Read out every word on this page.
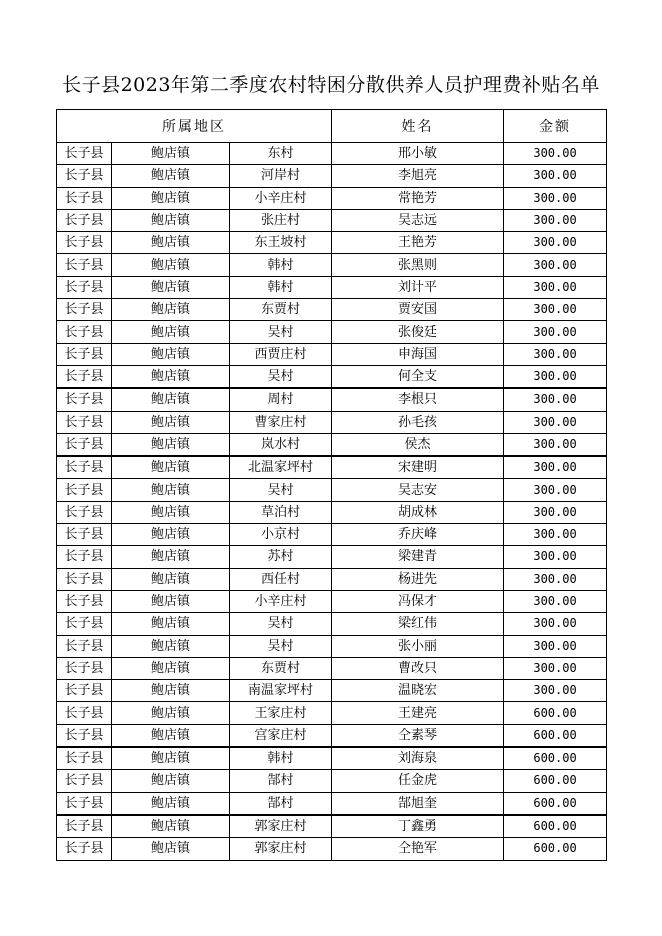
长子县2023年第二季度农村特困分散供养人员护理费补贴名单
所属地区			姓名	金额
长子县	鲍店镇	东村	邢小敏	300.00
长子县	鲍店镇	河岸村	李旭亮	300.00
长子县	鲍店镇	小辛庄村	常艳芳	300.00
长子县	鲍店镇	张庄村	吴志远	300.00
长子县	鲍店镇	东王坡村	王艳芳	300.00
长子县	鲍店镇	韩村	张黑则	300.00
长子县	鲍店镇	韩村	刘计平	300.00
长子县	鲍店镇	东贾村	贾安国	300.00
长子县	鲍店镇	吴村	张俊廷	300.00
长子县	鲍店镇	西贾庄村	申海国	300.00
长子县	鲍店镇	吴村	何全支	300.00
长子县	鲍店镇	周村	李根只	300.00
长子县	鲍店镇	曹家庄村	孙毛孩	300.00
长子县	鲍店镇	岚水村	侯杰	300.00
长子县	鲍店镇	北温家坪村	宋建明	300.00
长子县	鲍店镇	吴村	吴志安	300.00
长子县	鲍店镇	草泊村	胡成林	300.00
长子县	鲍店镇	小京村	乔庆峰	300.00
长子县	鲍店镇	苏村	梁建青	300.00
长子县	鲍店镇	西任村	杨进先	300.00
长子县	鲍店镇	小辛庄村	冯保才	300.00
长子县	鲍店镇	吴村	梁红伟	300.00
长子县	鲍店镇	吴村	张小丽	300.00
长子县	鲍店镇	东贾村	曹改只	300.00
长子县	鲍店镇	南温家坪村	温晓宏	300.00
长子县	鲍店镇	王家庄村	王建亮	600.00
长子县	鲍店镇	宫家庄村	仝素琴	600.00
长子县	鲍店镇	韩村	刘海泉	600.00
长子县	鲍店镇	郜村	任金虎	600.00
长子县	鲍店镇	郜村	郜旭奎	600.00
长子县	鲍店镇	郭家庄村	丁鑫勇	600.00
长子县	鲍店镇	郭家庄村	仝艳军	600.00
